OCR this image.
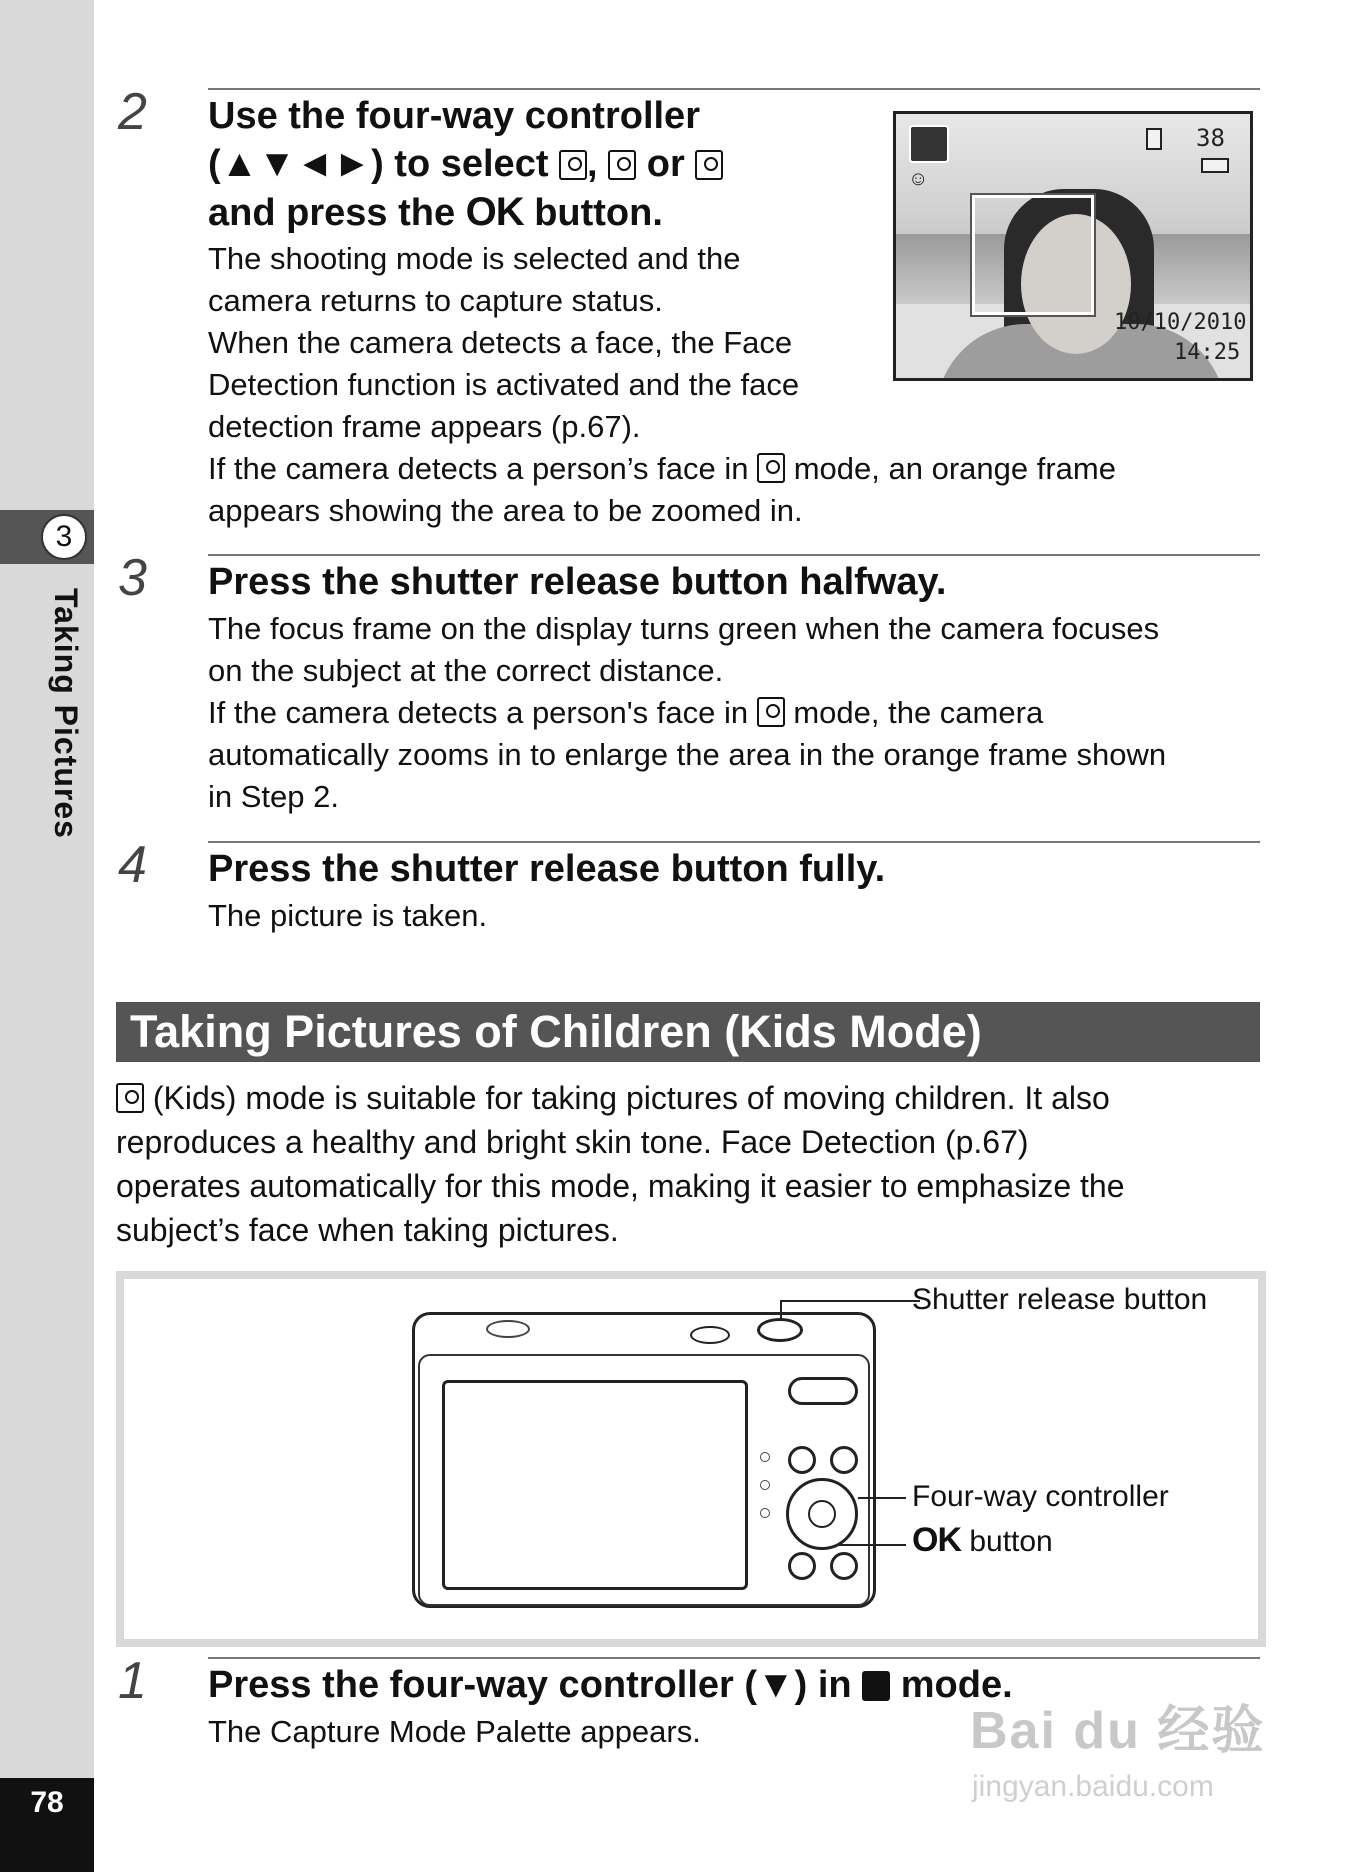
3
Taking Pictures
78
2 Use the four-way controller
(▲▼◄►) to select ,  or
and press the OK button.
The shooting mode is selected and the
camera returns to capture status.
When the camera detects a face, the Face
Detection function is activated and the face
detection frame appears (p.67).
If the camera detects a person’s face in  mode, an orange frame
appears showing the area to be zoomed in.
☺
38
10/10/2010
14:25
3 Press the shutter release button halfway.
The focus frame on the display turns green when the camera focuses
on the subject at the correct distance.
If the camera detects a person's face in  mode, the camera
automatically zooms in to enlarge the area in the orange frame shown
in Step 2.
4 Press the shutter release button fully.
The picture is taken.
Taking Pictures of Children (Kids Mode)
(Kids) mode is suitable for taking pictures of moving children. It also
reproduces a healthy and bright skin tone. Face Detection (p.67)
operates automatically for this mode, making it easier to emphasize the
subject’s face when taking pictures.
Shutter release button
Four-way controller
OK button
1 Press the four-way controller (▼) in  mode.
The Capture Mode Palette appears.	Bai du 经验
jingyan.baidu.com
